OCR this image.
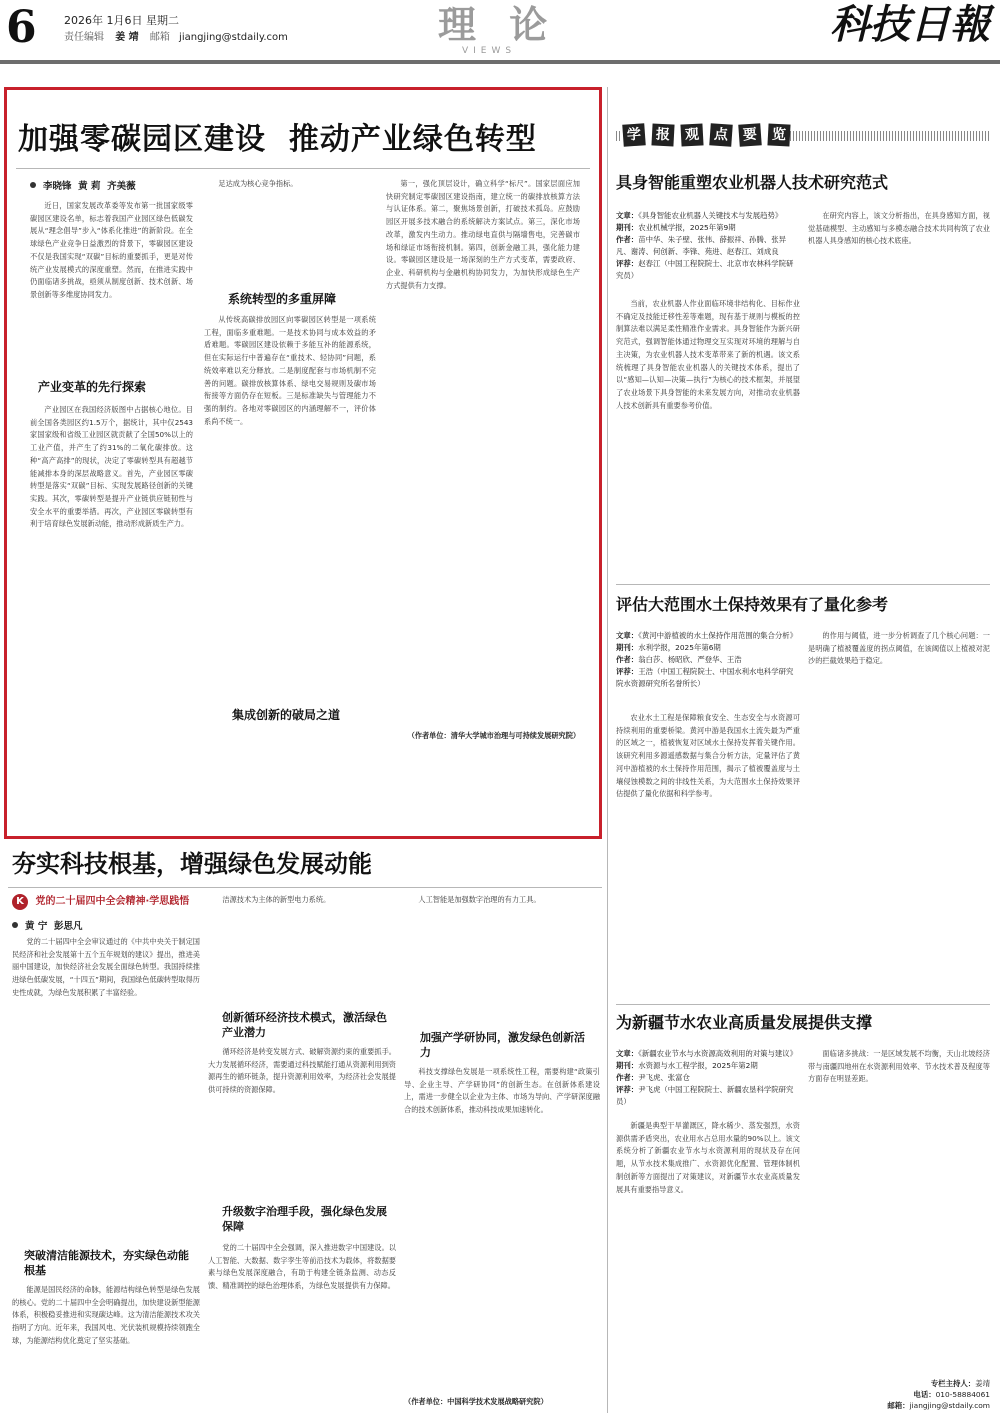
6 2026年 1月6日 星期二
责任编辑 姜 靖 邮箱 jiangjing@stdaily.com	理 论
VIEWS
科技日報
加强零碳园区建设  推动产业绿色转型
李晓锋  黄 莉  齐美薇

近日，国家发展改革委等发布第一批国家级零碳园区建设名单，标志着我国产业园区绿色低碳发展从“理念倡导”步入“体系化推进”的新阶段。在全球绿色产业竞争日益激烈的背景下，零碳园区建设不仅是我国实现“双碳”目标的重要抓手，更是对传统产业发展模式的深度重塑。然而，在推进实践中仍面临诸多挑战，亟须从制度创新、技术创新、场景创新等多维度协同发力。

产业变革的先行探索

产业园区在我国经济版图中占据核心地位。目前全国各类园区约1.5万个，据统计，其中仅2543家国家级和省级工业园区就贡献了全国50%以上的工业产值，并产生了约31%的二氧化碳排放。这种“高产高排”的现状，决定了零碳转型具有超越节能减排本身的深层战略意义。首先，产业园区零碳转型是落实“双碳”目标、实现发展路径创新的关键实践。其次，零碳转型是提升产业链供应链韧性与安全水平的重要举措。再次，产业园区零碳转型有利于培育绿色发展新动能，推动形成新质生产力。

足达成为核心竞争指标。

系统转型的多重屏障

从传统高碳排放园区向零碳园区转型是一项系统工程，面临多重难题。一是技术协同与成本效益的矛盾难题。零碳园区建设依赖于多能互补的能源系统，但在实际运行中普遍存在“重技术、轻协同”问题，系统效率难以充分释放。二是制度配套与市场机制不完善的问题。碳排放核算体系、绿电交易规则及碳市场衔接等方面仍存在短板。三是标准缺失与管理能力不强的制约。各地对零碳园区的内涵理解不一，评价体系尚不统一。

集成创新的破局之道

第一，强化顶层设计，确立科学“标尺”。国家层面应加快研究制定零碳园区建设指南，建立统一的碳排放核算方法与认证体系。第二，聚焦场景创新，打破技术孤岛。应鼓励园区开展多技术融合的系统解决方案试点。第三，深化市场改革，激发内生动力。推动绿电直供与隔墙售电，完善碳市场和绿证市场衔接机制。第四，创新金融工具，强化能力建设。零碳园区建设是一场深刻的生产方式变革，需要政府、企业、科研机构与金融机构协同发力，为加快形成绿色生产方式提供有力支撑。

（作者单位：清华大学城市治理与可持续发展研究院）
夯实科技根基，增强绿色发展动能
K 党的二十届四中全会精神·学思践悟
黄 宁  彭思凡

党的二十届四中全会审议通过的《中共中央关于制定国民经济和社会发展第十五个五年规划的建议》提出，推进美丽中国建设，加快经济社会发展全面绿色转型。我国持续推进绿色低碳发展，“十四五”期间，我国绿色低碳转型取得历史性成就，为绿色发展积累了丰富经验。

突破清洁能源技术，夯实绿色动能根基

能源是国民经济的命脉，能源结构绿色转型是绿色发展的核心。党的二十届四中全会明确提出，加快建设新型能源体系，积极稳妥推进和实现碳达峰。这为清洁能源技术攻关指明了方向。近年来，我国风电、光伏装机规模持续领跑全球，为能源结构优化奠定了坚实基础。

洁源技术为主体的新型电力系统。

创新循环经济技术模式，激活绿色产业潜力

循环经济是转变发展方式、破解资源约束的重要抓手。大力发展循环经济，需要通过科技赋能打通从资源利用到资源再生的循环链条，提升资源利用效率，为经济社会发展提供可持续的资源保障。

升级数字治理手段，强化绿色发展保障

党的二十届四中全会强调，深入推进数字中国建设。以人工智能、大数据、数字孪生等前沿技术为载体，将数据要素与绿色发展深度融合，有助于构建全链条监测、动态反馈、精准调控的绿色治理体系，为绿色发展提供有力保障。

人工智能是加强数字治理的有力工具。

加强产学研协同，激发绿色创新活力

科技支撑绿色发展是一项系统性工程，需要构建“政策引导、企业主导、产学研协同”的创新生态。在创新体系建设上，需进一步健全以企业为主体、市场为导向、产学研深度融合的技术创新体系，推动科技成果加速转化。

（作者单位：中国科学技术发展战略研究院）
学 报 观 点 要 览
具身智能重塑农业机器人技术研究范式
文章：《具身智能农业机器人关键技术与发展趋势》
期刊：农业机械学报，2025年第9期
作者：苗中华、朱子壁、张伟、薛振祥、孙腾、张异凡、谢涛、何创新、李锋、苑进、赵春江、刘成良
评荐：赵春江（中国工程院院士、北京市农林科学院研究员）

当前，农业机器人作业面临环境非结构化、目标作业不确定及技能迁移性差等难题，现有基于规则与模板的控制算法难以满足柔性精准作业需求。具身智能作为新兴研究范式，强调智能体通过物理交互实现对环境的理解与自主决策，为农业机器人技术变革带来了新的机遇。该文系统梳理了具身智能农业机器人的关键技术体系，提出了以“感知—认知—决策—执行”为核心的技术框架，并展望了农业场景下具身智能的未来发展方向，对推动农业机器人技术创新具有重要参考价值。

在研究内容上，该文分析指出，在具身感知方面，视觉基础模型、主动感知与多模态融合技术共同构筑了农业机器人具身感知的核心技术底座。

评估大范围水土保持效果有了量化参考
文章：《黄河中游植被的水土保持作用范围的集合分析》
期刊：水利学报，2025年第6期
作者：翁白莎、杨昭欣、严登华、王浩
评荐：王浩（中国工程院院士、中国水利水电科学研究院水资源研究所名誉所长）

农业水土工程是保障粮食安全、生态安全与水资源可持续利用的重要桥梁。黄河中游是我国水土流失最为严重的区域之一，植被恢复对区域水土保持发挥着关键作用。该研究利用多源遥感数据与集合分析方法，定量评估了黄河中游植被的水土保持作用范围，揭示了植被覆盖度与土壤侵蚀模数之间的非线性关系，为大范围水土保持效果评估提供了量化依据和科学参考。

的作用与阈值，进一步分析调查了几个核心问题：一是明确了植被覆盖度的拐点阈值，在该阈值以上植被对泥沙的拦截效果趋于稳定。

为新疆节水农业高质量发展提供支撑
文章：《新疆农业节水与水资源高效利用的对策与建议》
期刊：水资源与水工程学报，2025年第2期
作者：尹飞虎、张富仓
评荐：尹飞虎（中国工程院院士、新疆农垦科学院研究员）

新疆是典型干旱灌溉区，降水稀少、蒸发强烈，水资源供需矛盾突出，农业用水占总用水量的90%以上。该文系统分析了新疆农业节水与水资源利用的现状及存在问题，从节水技术集成推广、水资源优化配置、管理体制机制创新等方面提出了对策建议，对新疆节水农业高质量发展具有重要指导意义。

面临诸多挑战：一是区域发展不均衡，天山北坡经济带与南疆四地州在水资源利用效率、节水技术普及程度等方面存在明显差距。

专栏主持人：姜靖
电话：010-58884061
邮箱：jiangjing@stdaily.com
